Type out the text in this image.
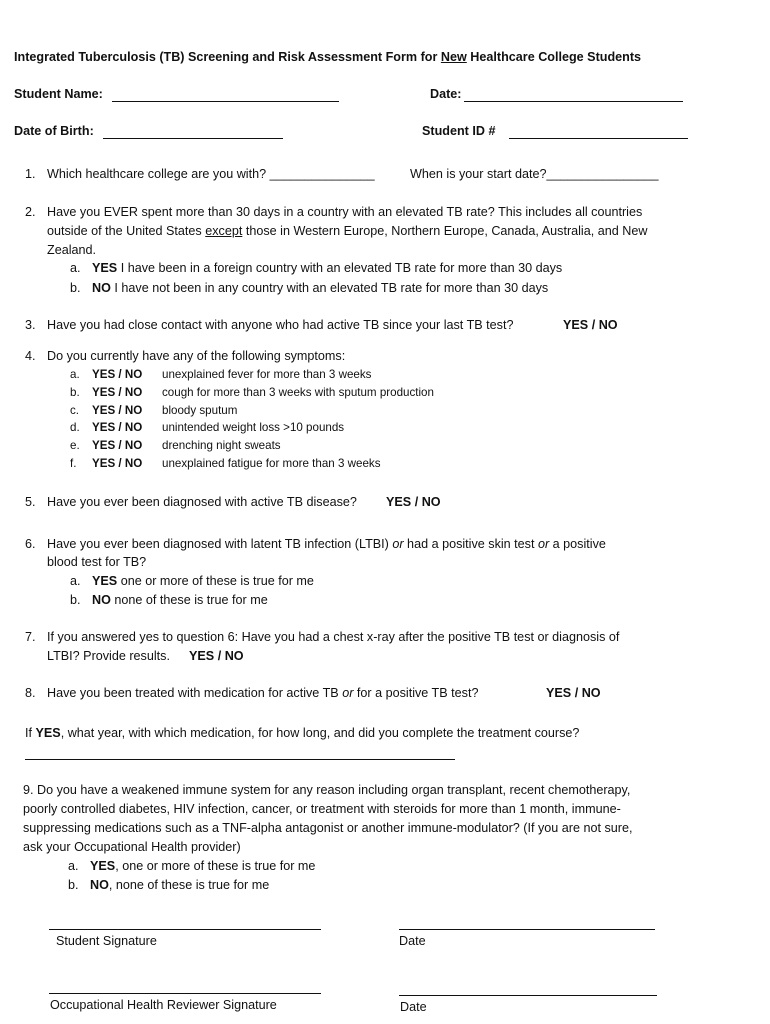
Integrated Tuberculosis (TB) Screening and Risk Assessment Form for New Healthcare College Students
Student Name:	Date:
Date of Birth:	Student ID #
1. Which healthcare college are you with? _______________	When is your start date?________________
2. Have you EVER spent more than 30 days in a country with an elevated TB rate? This includes all countries
outside of the United States except those in Western Europe, Northern Europe, Canada, Australia, and New
Zealand.
a. YES I have been in a foreign country with an elevated TB rate for more than 30 days
b. NO I have not been in any country with an elevated TB rate for more than 30 days
3. Have you had close contact with anyone who had active TB since your last TB test?	YES / NO
4. Do you currently have any of the following symptoms:
a. YES / NO unexplained fever for more than 3 weeks
b. YES / NO cough for more than 3 weeks with sputum production
c. YES / NO bloody sputum
d. YES / NO unintended weight loss >10 pounds
e. YES / NO drenching night sweats
f. YES / NO unexplained fatigue for more than 3 weeks
5. Have you ever been diagnosed with active TB disease? YES / NO
6. Have you ever been diagnosed with latent TB infection (LTBI) or had a positive skin test or a positive
blood test for TB?
a. YES one or more of these is true for me
b. NO none of these is true for me
7. If you answered yes to question 6: Have you had a chest x-ray after the positive TB test or diagnosis of
LTBI? Provide results. YES / NO
8. Have you been treated with medication for active TB or for a positive TB test?	YES / NO
If YES, what year, with which medication, for how long, and did you complete the treatment course?
9. Do you have a weakened immune system for any reason including organ transplant, recent chemotherapy,
poorly controlled diabetes, HIV infection, cancer, or treatment with steroids for more than 1 month, immune-
suppressing medications such as a TNF-alpha antagonist or another immune-modulator? (If you are not sure,
ask your Occupational Health provider)
a. YES, one or more of these is true for me
b. NO, none of these is true for me
Student Signature	Date
Occupational Health Reviewer Signature	Date
